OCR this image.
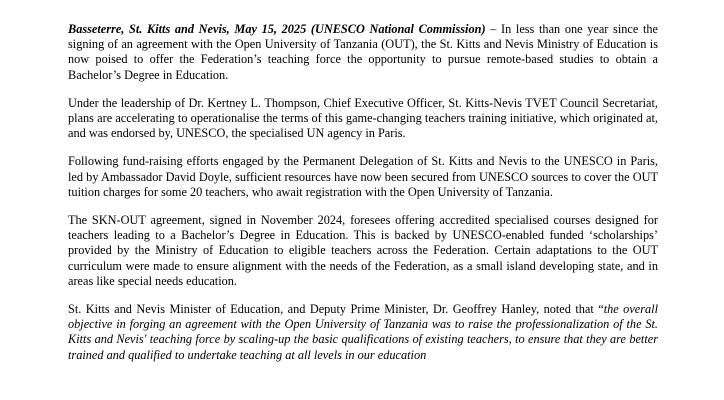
Basseterre, St. Kitts and Nevis, May 15, 2025 (UNESCO National Commission) – In less than one year since the signing of an agreement with the Open University of Tanzania (OUT), the St. Kitts and Nevis Ministry of Education is now poised to offer the Federation’s teaching force the opportunity to pursue remote-based studies to obtain a Bachelor’s Degree in Education.

Under the leadership of Dr. Kertney L. Thompson, Chief Executive Officer, St. Kitts-Nevis TVET Council Secretariat, plans are accelerating to operationalise the terms of this game-changing teachers training initiative, which originated at, and was endorsed by, UNESCO, the specialised UN agency in Paris.

Following fund-raising efforts engaged by the Permanent Delegation of St. Kitts and Nevis to the UNESCO in Paris, led by Ambassador David Doyle, sufficient resources have now been secured from UNESCO sources to cover the OUT tuition charges for some 20 teachers, who await registration with the Open University of Tanzania.

The SKN-OUT agreement, signed in November 2024, foresees offering accredited specialised courses designed for teachers leading to a Bachelor’s Degree in Education. This is backed by UNESCO-enabled funded ‘scholarships’ provided by the Ministry of Education to eligible teachers across the Federation. Certain adaptations to the OUT curriculum were made to ensure alignment with the needs of the Federation, as a small island developing state, and in areas like special needs education.

St. Kitts and Nevis Minister of Education, and Deputy Prime Minister, Dr. Geoffrey Hanley, noted that “the overall objective in forging an agreement with the Open University of Tanzania was to raise the professionalization of the St. Kitts and Nevis' teaching force by scaling-up the basic qualifications of existing teachers, to ensure that they are better trained and qualified to undertake teaching at all levels in our education
